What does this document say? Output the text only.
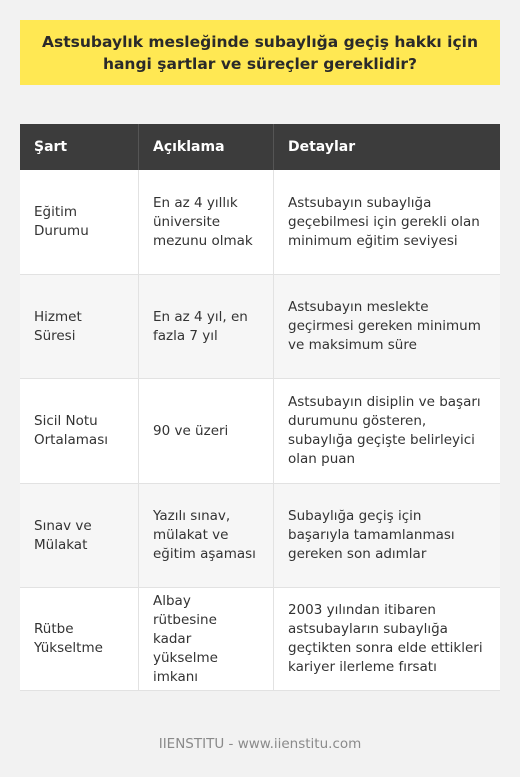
Astsubaylık mesleğinde subaylığa geçiş hakkı için hangi şartlar ve süreçler gereklidir?
Şart	Açıklama	Detaylar
Eğitim Durumu
En az 4 yıllık üniversite mezunu olmak
Astsubayın subaylığa geçebilmesi için gerekli olan minimum eğitim seviyesi
Hizmet Süresi
En az 4 yıl, en fazla 7 yıl
Astsubayın meslekte geçirmesi gereken minimum ve maksimum süre
Sicil Notu Ortalaması
90 ve üzeri
Astsubayın disiplin ve başarı durumunu gösteren, subaylığa geçişte belirleyici olan puan
Sınav ve Mülakat
Yazılı sınav, mülakat ve eğitim aşaması
Subaylığa geçiş için başarıyla tamamlanması gereken son adımlar
Rütbe Yükseltme
Albay rütbesine kadar yükselme imkanı
2003 yılından itibaren astsubayların subaylığa geçtikten sonra elde ettikleri kariyer ilerleme fırsatı
IIENSTITU - www.iienstitu.com
